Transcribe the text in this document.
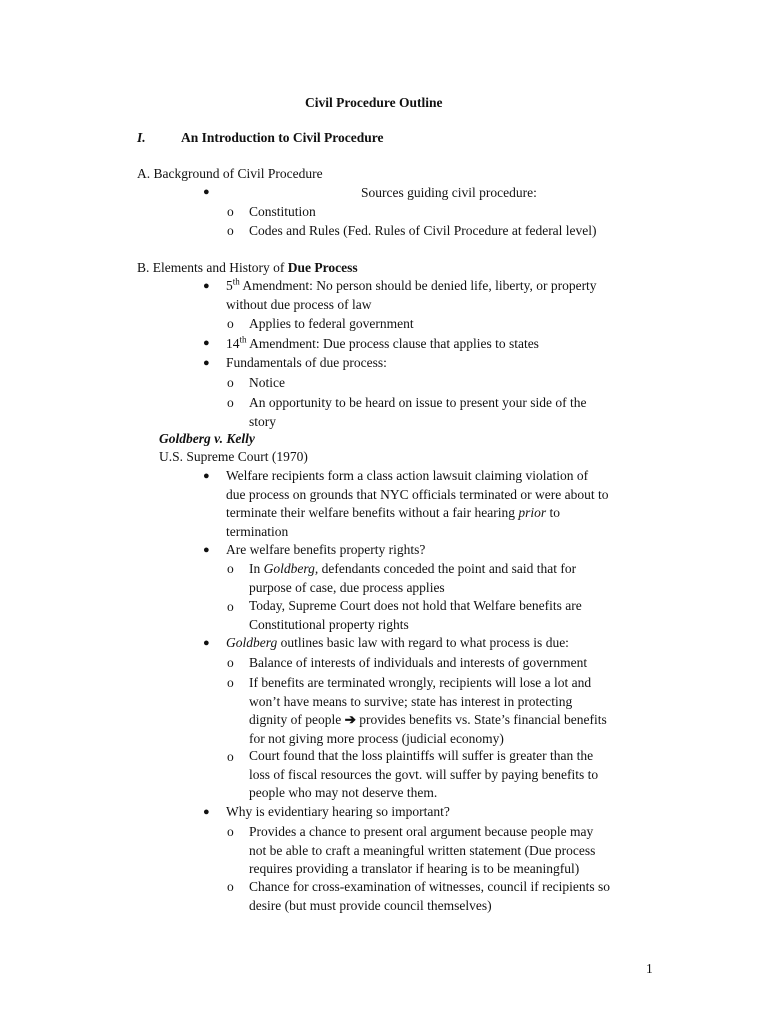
Civil Procedure Outline
I.	An Introduction to Civil Procedure
A. Background of Civil Procedure
●	Sources guiding civil procedure:
o Constitution
o Codes and Rules (Fed. Rules of Civil Procedure at federal level)
B. Elements and History of Due Process
● 5th Amendment: No person should be denied life, liberty, or property
without due process of law
o Applies to federal government
● 14th Amendment: Due process clause that applies to states
● Fundamentals of due process:
o Notice
o An opportunity to be heard on issue to present your side of the
story
Goldberg v. Kelly
U.S. Supreme Court (1970)
● Welfare recipients form a class action lawsuit claiming violation of
due process on grounds that NYC officials terminated or were about to
terminate their welfare benefits without a fair hearing prior to
termination
● Are welfare benefits property rights?
o In Goldberg, defendants conceded the point and said that for
purpose of case, due process applies
o Today, Supreme Court does not hold that Welfare benefits are
Constitutional property rights
● Goldberg outlines basic law with regard to what process is due:
o Balance of interests of individuals and interests of government
o If benefits are terminated wrongly, recipients will lose a lot and
won’t have means to survive; state has interest in protecting
dignity of people ➔ provides benefits vs. State’s financial benefits
for not giving more process (judicial economy)
o Court found that the loss plaintiffs will suffer is greater than the
loss of fiscal resources the govt. will suffer by paying benefits to
people who may not deserve them.
● Why is evidentiary hearing so important?
o Provides a chance to present oral argument because people may
not be able to craft a meaningful written statement (Due process
requires providing a translator if hearing is to be meaningful)
o Chance for cross-examination of witnesses, council if recipients so
desire (but must provide council themselves)
1
